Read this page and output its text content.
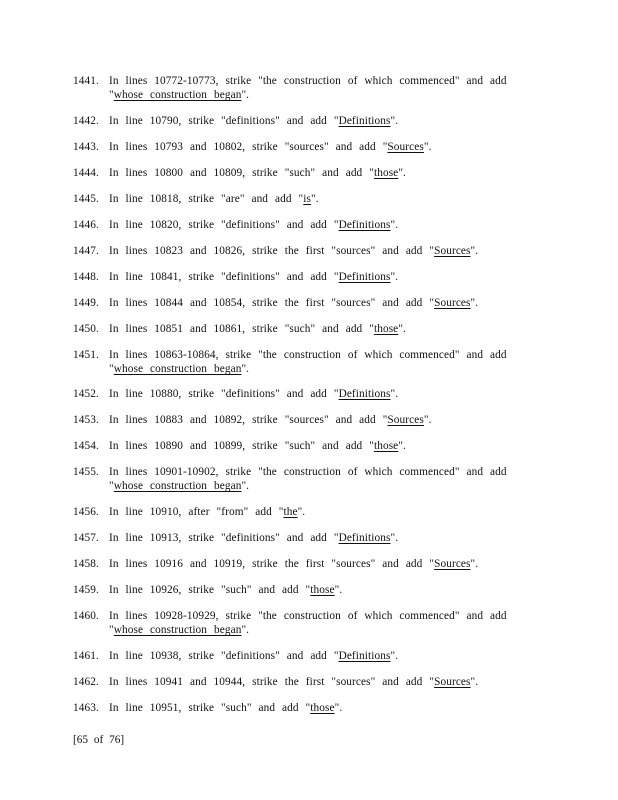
1441. In lines 10772-10773, strike "the construction of which commenced" and add "whose construction began".
1442. In line 10790, strike "definitions" and add "Definitions".
1443. In lines 10793 and 10802, strike "sources" and add "Sources".
1444. In lines 10800 and 10809, strike "such" and add "those".
1445. In line 10818, strike "are" and add "is".
1446. In line 10820, strike "definitions" and add "Definitions".
1447. In lines 10823 and 10826, strike the first "sources" and add "Sources".
1448. In line 10841, strike "definitions" and add "Definitions".
1449. In lines 10844 and 10854, strike the first "sources" and add "Sources".
1450. In lines 10851 and 10861, strike "such" and add "those".
1451. In lines 10863-10864, strike "the construction of which commenced" and add "whose construction began".
1452. In line 10880, strike "definitions" and add "Definitions".
1453. In lines 10883 and 10892, strike "sources" and add "Sources".
1454. In lines 10890 and 10899, strike "such" and add "those".
1455. In lines 10901-10902, strike "the construction of which commenced" and add "whose construction began".
1456. In line 10910, after "from" add "the".
1457. In line 10913, strike "definitions" and add "Definitions".
1458. In lines 10916 and 10919, strike the first "sources" and add "Sources".
1459. In line 10926, strike "such" and add "those".
1460. In lines 10928-10929, strike "the construction of which commenced" and add "whose construction began".
1461. In line 10938, strike "definitions" and add "Definitions".
1462. In lines 10941 and 10944, strike the first "sources" and add "Sources".
1463. In line 10951, strike "such" and add "those".
[65 of 76]
